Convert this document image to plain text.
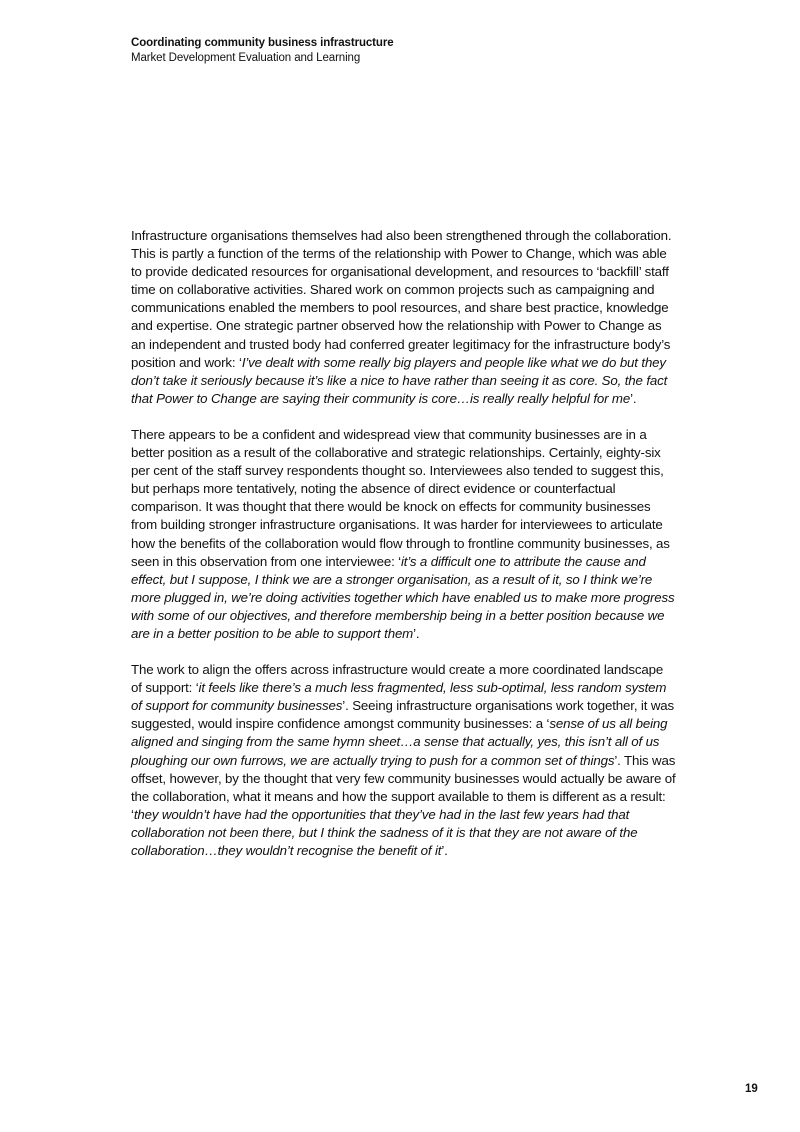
Coordinating community business infrastructure
Market Development Evaluation and Learning

Infrastructure organisations themselves had also been strengthened through the collaboration. This is partly a function of the terms of the relationship with Power to Change, which was able to provide dedicated resources for organisational development, and resources to ‘backfill’ staff time on collaborative activities. Shared work on common projects such as campaigning and communications enabled the members to pool resources, and share best practice, knowledge and expertise. One strategic partner observed how the relationship with Power to Change as an independent and trusted body had conferred greater legitimacy for the infrastructure body’s position and work: ‘I’ve dealt with some really big players and people like what we do but they don’t take it seriously because it’s like a nice to have rather than seeing it as core. So, the fact that Power to Change are saying their community is core…is really really helpful for me’.

There appears to be a confident and widespread view that community businesses are in a better position as a result of the collaborative and strategic relationships. Certainly, eighty-six per cent of the staff survey respondents thought so. Interviewees also tended to suggest this, but perhaps more tentatively, noting the absence of direct evidence or counterfactual comparison. It was thought that there would be knock on effects for community businesses from building stronger infrastructure organisations. It was harder for interviewees to articulate how the benefits of the collaboration would flow through to frontline community businesses, as seen in this observation from one interviewee: ‘it’s a difficult one to attribute the cause and effect, but I suppose, I think we are a stronger organisation, as a result of it, so I think we’re more plugged in, we’re doing activities together which have enabled us to make more progress with some of our objectives, and therefore membership being in a better position because we are in a better position to be able to support them’.

The work to align the offers across infrastructure would create a more coordinated landscape of support: ‘it feels like there’s a much less fragmented, less sub-optimal, less random system of support for community businesses’. Seeing infrastructure organisations work together, it was suggested, would inspire confidence amongst community businesses: a ‘sense of us all being aligned and singing from the same hymn sheet…a sense that actually, yes, this isn’t all of us ploughing our own furrows, we are actually trying to push for a common set of things’. This was offset, however, by the thought that very few community businesses would actually be aware of the collaboration, what it means and how the support available to them is different as a result: ‘they wouldn’t have had the opportunities that they’ve had in the last few years had that collaboration not been there, but I think the sadness of it is that they are not aware of the collaboration…they wouldn’t recognise the benefit of it’.

19
